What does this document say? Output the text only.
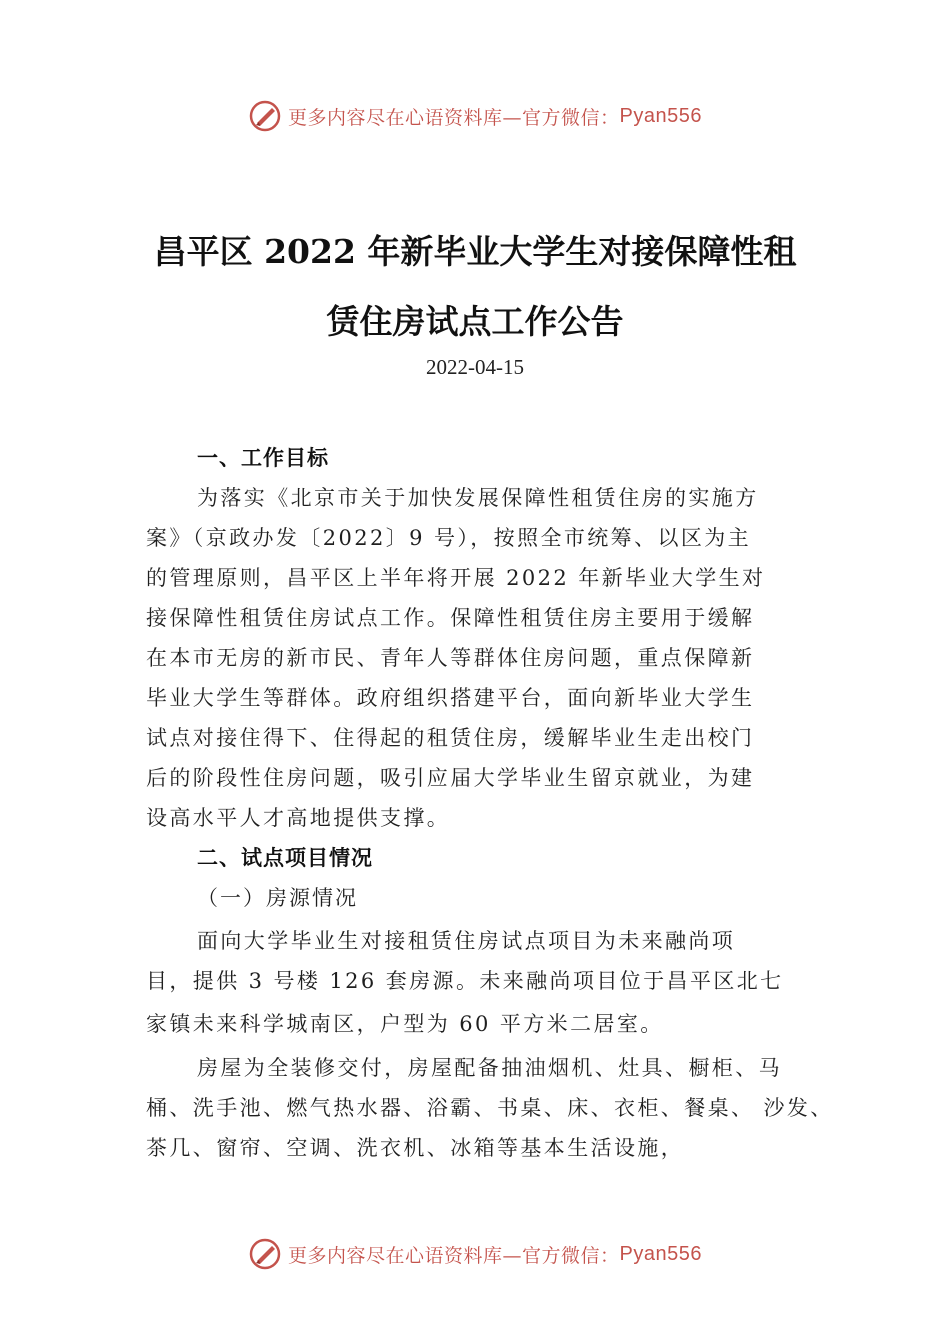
更多内容尽在心语资料库—官方微信： Pyan556
昌平区 2022 年新毕业大学生对接保障性租
赁住房试点工作公告
2022-04-15
一、工作目标
为落实《北京市关于加快发展保障性租赁住房的实施方
案》（京政办发〔2022〕9 号），按照全市统筹、以区为主
的管理原则，昌平区上半年将开展 2022 年新毕业大学生对
接保障性租赁住房试点工作。保障性租赁住房主要用于缓解
在本市无房的新市民、青年人等群体住房问题，重点保障新
毕业大学生等群体。政府组织搭建平台，面向新毕业大学生
试点对接住得下、住得起的租赁住房，缓解毕业生走出校门
后的阶段性住房问题，吸引应届大学毕业生留京就业，为建
设高水平人才高地提供支撑。
二、试点项目情况
（一）房源情况
面向大学毕业生对接租赁住房试点项目为未来融尚项
目，提供 3 号楼 126 套房源。未来融尚项目位于昌平区北七
家镇未来科学城南区，户型为 60 平方米二居室。
房屋为全装修交付，房屋配备抽油烟机、灶具、橱柜、马
桶、洗手池、燃气热水器、浴霸、书桌、床、衣柜、餐桌、 沙发、
茶几、窗帘、空调、洗衣机、冰箱等基本生活设施，
更多内容尽在心语资料库—官方微信： Pyan556
